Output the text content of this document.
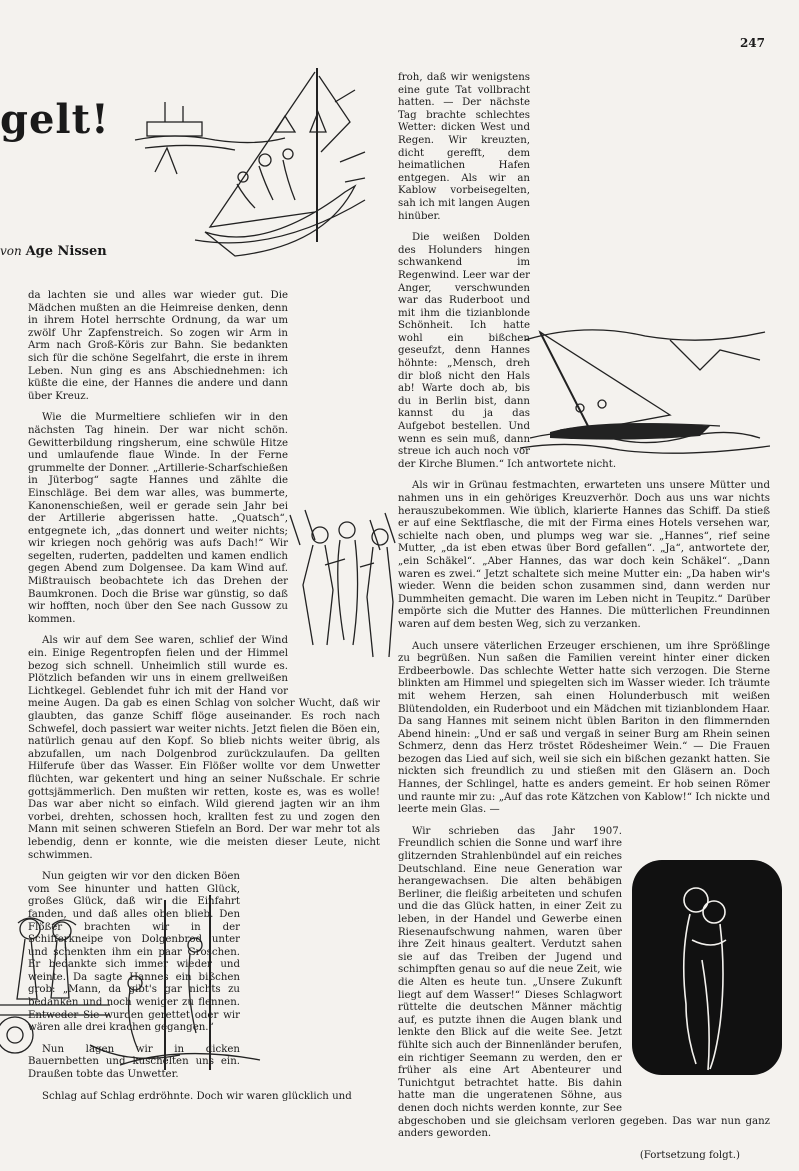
247
gelt!
von Age Nissen

da lachten sie und alles war wieder gut. Die Mädchen mußten an die Heimreise denken, denn in ihrem Hotel herrschte Ordnung, da war um zwölf Uhr Zapfenstreich. So zogen wir Arm in Arm nach Groß-Köris zur Bahn. Sie bedankten sich für die schöne Segelfahrt, die erste in ihrem Leben. Nun ging es ans Abschiednehmen: ich küßte die eine, der Hannes die andere und dann über Kreuz.

Wie die Murmeltiere schliefen wir in den nächsten Tag hinein. Der war nicht schön. Gewitterbildung ringsherum, eine schwüle Hitze und umlaufende flaue Winde. In der Ferne grummelte der Donner. „Artillerie-Scharfschießen in Jüterbog“ sagte Hannes und zählte die Einschläge. Bei dem war alles, was bummerte, Kanonenschießen, weil er gerade sein Jahr bei der Artillerie abgerissen hatte. „Quatsch“, entgegnete ich, „das donnert und weiter nichts; wir kriegen noch gehörig was aufs Dach!“ Wir segelten, ruderten, paddelten und kamen endlich gegen Abend zum Dolgensee. Da kam Wind auf. Mißtrauisch beobachtete ich das Drehen der Baumkronen. Doch die Brise war günstig, so daß wir hofften, noch über den See nach Gussow zu kommen.

Als wir auf dem See waren, schlief der Wind ein. Einige Regentropfen fielen und der Himmel bezog sich schnell. Unheimlich still wurde es. Plötzlich befanden wir uns in einem grellweißen Lichtkegel. Geblendet fuhr ich mit der Hand vor meine Augen. Da gab es einen Schlag von solcher Wucht, daß wir glaubten, das ganze Schiff flöge auseinander. Es roch nach Schwefel, doch passiert war weiter nichts. Jetzt fielen die Böen ein, natürlich genau auf den Kopf. So blieb nichts weiter übrig, als abzufallen, um nach Dolgenbrod zurückzulaufen. Da gellten Hilferufe über das Wasser. Ein Flößer wollte vor dem Unwetter flüchten, war gekentert und hing an seiner Nußschale. Er schrie gottsjämmerlich. Den mußten wir retten, koste es, was es wolle! Das war aber nicht so einfach. Wild gierend jagten wir an ihm vorbei, drehten, schossen hoch, krallten fest zu und zogen den Mann mit seinen schweren Stiefeln an Bord. Der war mehr tot als lebendig, denn er konnte, wie die meisten dieser Leute, nicht schwimmen.

Nun geigten wir vor den dicken Böen vom See hinunter und hatten Glück, großes Glück, daß wir die Einfahrt fanden, und daß alles oben blieb. Den Flößer brachten wir in der Schifferkneipe von Dolgenbrod unter und schenkten ihm ein paar Groschen. Er bedankte sich immer wieder und weinte. Da sagte Hannes ein bißchen grob: „Mann, da gibt's gar nichts zu bedanken und noch weniger zu flennen. Entweder Sie wurden gerettet oder wir wären alle drei krachen gegangen.“

Nun lagen wir in dicken Bauernbetten und kuschelten uns ein. Draußen tobte das Unwetter.

Schlag auf Schlag erdröhnte. Doch wir waren glücklich und

froh, daß wir wenigstens eine gute Tat vollbracht hatten. — Der nächste Tag brachte schlechtes Wetter: dicken West und Regen. Wir kreuzten, dicht gerefft, dem heimatlichen Hafen entgegen. Als wir an Kablow vorbeisegelten, sah ich mit langen Augen hinüber.

Die weißen Dolden des Holunders hingen schwankend im Regenwind. Leer war der Anger, verschwunden war das Ruderboot und mit ihm die tizianblonde Schönheit. Ich hatte wohl ein bißchen geseufzt, denn Hannes höhnte: „Mensch, dreh dir bloß nicht den Hals ab! Warte doch ab, bis du in Berlin bist, dann kannst du ja das Aufgebot bestellen. Und wenn es sein muß, dann streue ich auch noch vor der Kirche Blumen.“ Ich antwortete nicht.

Als wir in Grünau festmachten, erwarteten uns unsere Mütter und nahmen uns in ein gehöriges Kreuzverhör. Doch aus uns war nichts herauszubekommen. Wie üblich, klarierte Hannes das Schiff. Da stieß er auf eine Sektflasche, die mit der Firma eines Hotels versehen war, schielte nach oben, und plumps weg war sie. „Hannes“, rief seine Mutter, „da ist eben etwas über Bord gefallen“. „Ja“, antwortete der, „ein Schäkel“. „Aber Hannes, das war doch kein Schäkel“. „Dann waren es zwei.“ Jetzt schaltete sich meine Mutter ein: „Da haben wir's wieder. Wenn die beiden schon zusammen sind, dann werden nur Dummheiten gemacht. Die waren im Leben nicht in Teupitz.“ Darüber empörte sich die Mutter des Hannes. Die mütterlichen Freundinnen waren auf dem besten Weg, sich zu verzanken.

Auch unsere väterlichen Erzeuger erschienen, um ihre Sprößlinge zu begrüßen. Nun saßen die Familien vereint hinter einer dicken Erdbeerbowle. Das schlechte Wetter hatte sich verzogen. Die Sterne blinkten am Himmel und spiegelten sich im Wasser wieder. Ich träumte mit wehem Herzen, sah einen Holunderbusch mit weißen Blütendolden, ein Ruderboot und ein Mädchen mit tizianblondem Haar. Da sang Hannes mit seinem nicht üblen Bariton in den flimmernden Abend hinein: „Und er saß und vergaß in seiner Burg am Rhein seinen Schmerz, denn das Herz tröstet Rödesheimer Wein.“ — Die Frauen bezogen das Lied auf sich, weil sie sich ein bißchen gezankt hatten. Sie nickten sich freundlich zu und stießen mit den Gläsern an. Doch Hannes, der Schlingel, hatte es anders gemeint. Er hob seinen Römer und raunte mir zu: „Auf das rote Kätzchen von Kablow!“ Ich nickte und leerte mein Glas. —

Wir schrieben das Jahr 1907. Freundlich schien die Sonne und warf ihre glitzernden Strahlenbündel auf ein reiches Deutschland. Eine neue Generation war herangewachsen. Die alten behäbigen Berliner, die fleißig arbeiteten und schufen und die das Glück hatten, in einer Zeit zu leben, in der Handel und Gewerbe einen Riesenaufschwung nahmen, waren über ihre Zeit hinaus gealtert. Verdutzt sahen sie auf das Treiben der Jugend und schimpften genau so auf die neue Zeit, wie die Alten es heute tun. „Unsere Zukunft liegt auf dem Wasser!“ Dieses Schlagwort rüttelte die deutschen Männer mächtig auf, es putzte ihnen die Augen blank und lenkte den Blick auf die weite See. Jetzt fühlte sich auch der Binnenländer berufen, ein richtiger Seemann zu werden, den er früher als eine Art Abenteurer und Tunichtgut betrachtet hatte. Bis dahin hatte man die ungeratenen Söhne, aus denen doch nichts werden konnte, zur See abgeschoben und sie gleichsam verloren gegeben. Das war nun ganz anders geworden.

(Fortsetzung folgt.)
